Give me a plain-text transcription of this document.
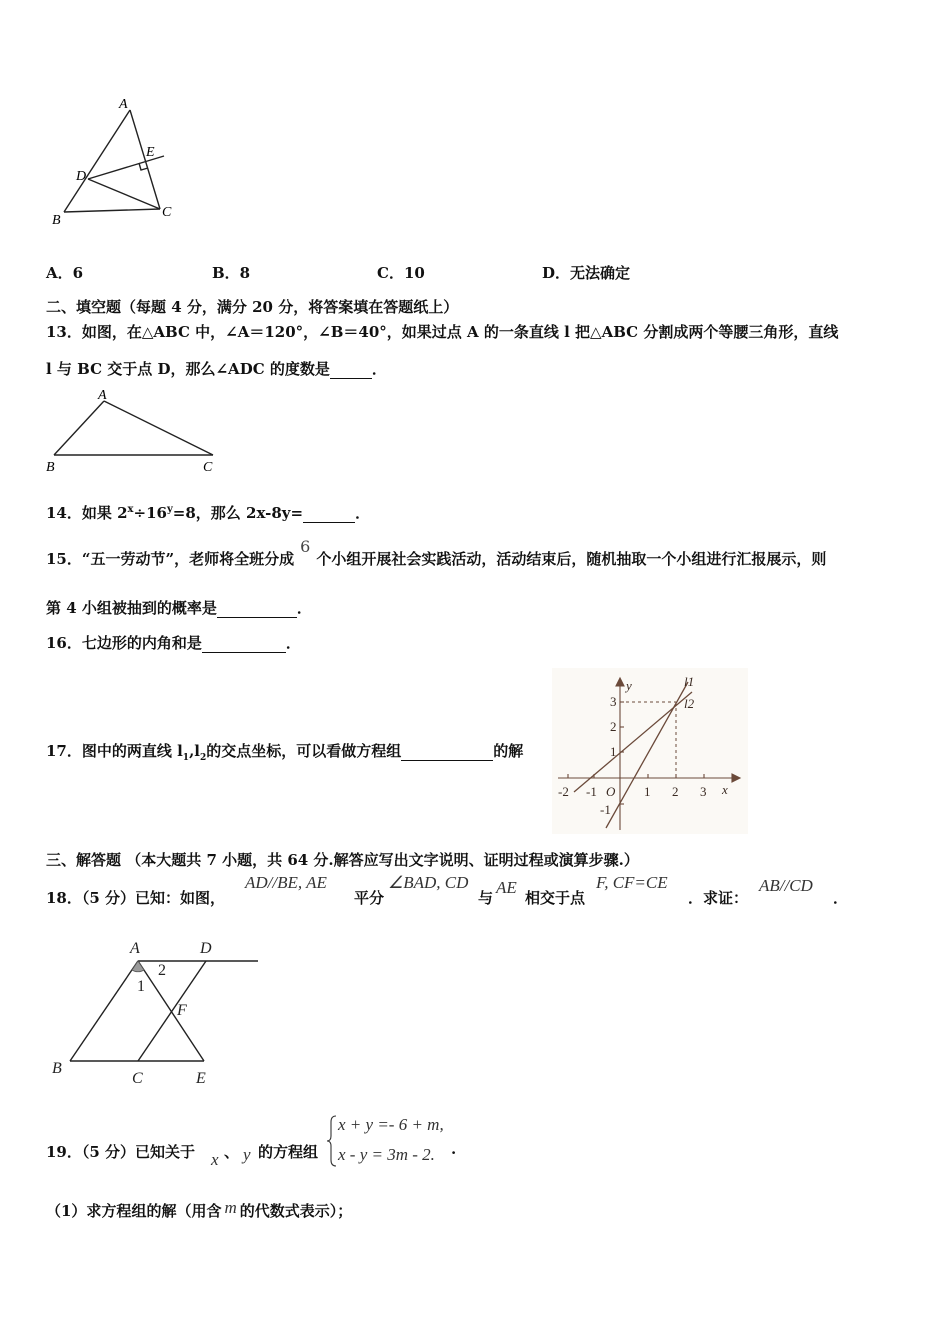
A
E
D
B
C
A．6	B．8	C．10	D．无法确定
二、填空题（每题 4 分，满分 20 分，将答案填在答题纸上）
13．如图，在△ABC 中，∠A＝120°，∠B＝40°，如果过点 A 的一条直线 l 把△ABC 分割成两个等腰三角形，直线
l 与 BC 交于点 D，那么∠ADC 的度数是	．
A
B	C
14．如果 $2^x\div 16^y=8$，那么 2x-8y=	．
15．“五一劳动节”，老师将全班分成6个小组开展社会实践活动，活动结束后，随机抽取一个小组进行汇报展示，则
第 4 小组被抽到的概率是	．
16．七边形的内角和是	．
17．图中的两直线 $l_1,l_2$的交点坐标，可以看做方程组	的解
y
x
l1
l2
O
3
2
1
-1
-2 -1	1 2 3
三、解答题 （本大题共 7 小题，共 64 分.解答应写出文字说明、证明过程或演算步骤.）
18．（5 分）已知：如图，
AD//BE, AE
平分
∠BAD, CD
与
AE
相交于点
F, CF=CE
．求证：
AB//CD
．
A	D
B
C	E
F
1
2
19．（5 分）已知关于 x 、 y 的方程组
x + y =- 6 + m,
x - y = 3m - 2. ·
（1）求方程组的解（用含 m 的代数式表示）；
